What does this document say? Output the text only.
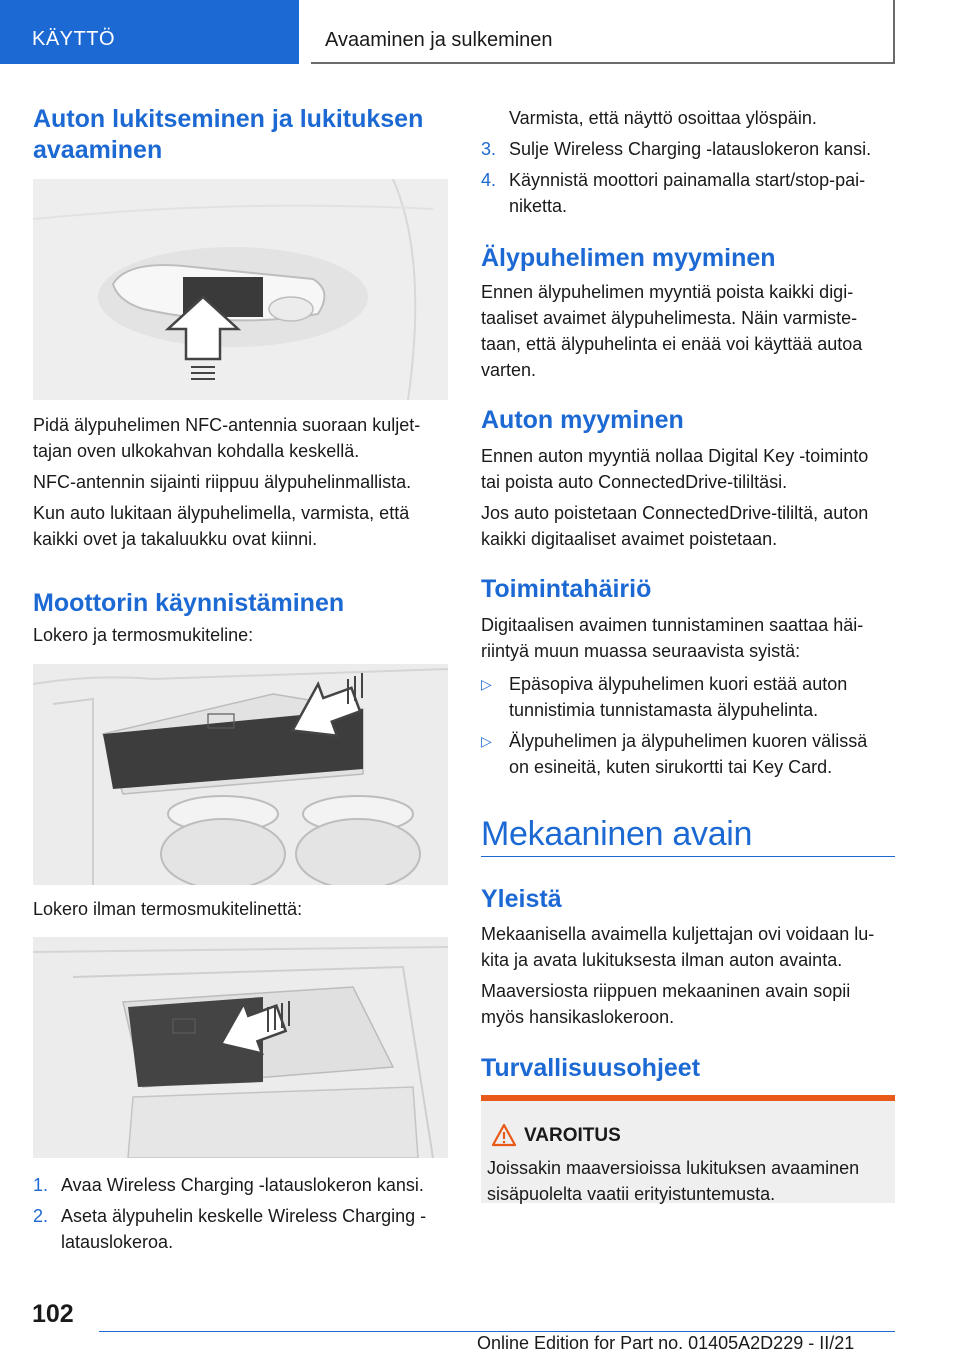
KÄYTTÖ	Avaaminen ja sulkeminen
Auton lukitseminen ja lukituksen
avaaminen

Pidä älypuhelimen NFC-antennia suoraan kuljet-

tajan oven ulkokahvan kohdalla keskellä.

NFC-antennin sijainti riippuu älypuhelinmallista.

Kun auto lukitaan älypuhelimella, varmista, että

kaikki ovet ja takaluukku ovat kiinni.

Moottorin käynnistäminen

Lokero ja termosmukiteline:

Lokero ilman termosmukitelinettä:

1. Avaa Wireless Charging -latauslokeron kansi.

2. Aseta älypuhelin keskelle Wireless Charging -

latauslokeroa.

Varmista, että näyttö osoittaa ylöspäin.

3. Sulje Wireless Charging -latauslokeron kansi.

4. Käynnistä moottori painamalla start/stop-pai-

niketta.

Älypuhelimen myyminen

Ennen älypuhelimen myyntiä poista kaikki digi-

taaliset avaimet älypuhelimesta. Näin varmiste-

taan, että älypuhelinta ei enää voi käyttää autoa

varten.

Auton myyminen

Ennen auton myyntiä nollaa Digital Key -toiminto

tai poista auto ConnectedDrive-tililtäsi.

Jos auto poistetaan ConnectedDrive-tililtä, auton

kaikki digitaaliset avaimet poistetaan.

Toimintahäiriö

Digitaalisen avaimen tunnistaminen saattaa häi-

riintyä muun muassa seuraavista syistä:

▷ Epäsopiva älypuhelimen kuori estää auton

tunnistimia tunnistamasta älypuhelinta.

▷ Älypuhelimen ja älypuhelimen kuoren välissä

on esineitä, kuten sirukortti tai Key Card.

Mekaaninen avain
Yleistä

Mekaanisella avaimella kuljettajan ovi voidaan lu-

kita ja avata lukituksesta ilman auton avainta.

Maaversiosta riippuen mekaaninen avain sopii

myös hansikaslokeroon.

Turvallisuusohjeet
VAROITUS

Joissakin maaversioissa lukituksen avaaminen

sisäpuolelta vaatii erityistuntemusta.

102
Online Edition for Part no. 01405A2D229 - II/21
